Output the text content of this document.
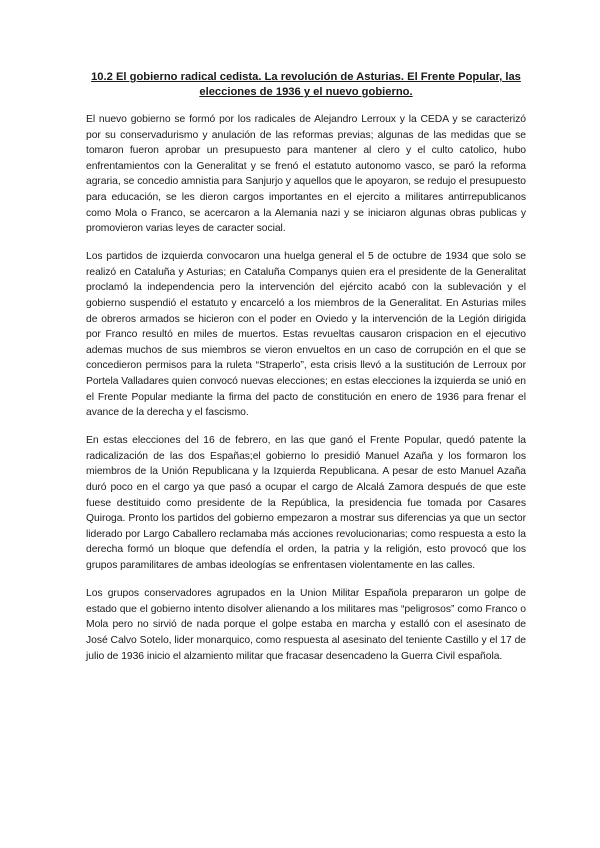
10.2 El gobierno radical cedista. La revolución de Asturias. El Frente Popular, las elecciones de 1936 y el nuevo gobierno.

El nuevo gobierno se formó por los radicales de Alejandro Lerroux y la CEDA y se caracterizó por su conservadurismo y anulación de las reformas previas; algunas de las medidas que se tomaron fueron aprobar un presupuesto para mantener al clero y el culto catolico, hubo enfrentamientos con la Generalitat y se frenó el estatuto autonomo vasco, se paró la reforma agraria, se concedio amnistia para Sanjurjo y aquellos que le apoyaron, se redujo el presupuesto para educación, se les dieron cargos importantes en el ejercito a militares antirrepublicanos como Mola o Franco, se acercaron a la Alemania nazi y se iniciaron algunas obras publicas y promovieron varias leyes de caracter social.

Los partidos de izquierda convocaron una huelga general el 5 de octubre de 1934 que solo se realizó en Cataluña y Asturias; en Cataluña Companys quien era el presidente de la Generalitat proclamó la independencia pero la intervención del ejército acabó con la sublevación y el gobierno suspendió el estatuto y encarceló a los miembros de la Generalitat. En Asturias miles de obreros armados se hicieron con el poder en Oviedo y la intervención de la Legión dirigida por Franco resultó en miles de muertos. Estas revueltas causaron crispacion en el ejecutivo ademas muchos de sus miembros se vieron envueltos en un caso de corrupción en el que se concedieron permisos para la ruleta “Straperlo”, esta crisis llevó a la sustitución de Lerroux por Portela Valladares quien convocó nuevas elecciones; en estas elecciones la izquierda se unió en el Frente Popular mediante la firma del pacto de constitución en enero de 1936 para frenar el avance de la derecha y el fascismo.

En estas elecciones del 16 de febrero, en las que ganó el Frente Popular, quedó patente la radicalización de las dos Españas;el gobierno lo presidió Manuel Azaña y los formaron los miembros de la Unión Republicana y la Izquierda Republicana. A pesar de esto Manuel Azaña duró poco en el cargo ya que pasó a ocupar el cargo de Alcalá Zamora después de que este fuese destituido como presidente de la República, la presidencia fue tomada por Casares Quiroga. Pronto los partidos del gobierno empezaron a mostrar sus diferencias ya que un sector liderado por Largo Caballero reclamaba más acciones revolucionarias; como respuesta a esto la derecha formó un bloque que defendía el orden, la patria y la religión, esto provocó que los grupos paramilitares de ambas ideologías se enfrentasen violentamente en las calles.

Los grupos conservadores agrupados en la Union Militar Española prepararon un golpe de estado que el gobierno intento disolver alienando a los militares mas “peligrosos” como Franco o Mola pero no sirvió de nada porque el golpe estaba en marcha y estalló con el asesinato de José Calvo Sotelo, lider monarquico, como respuesta al asesinato del teniente Castillo y el 17 de julio de 1936 inicio el alzamiento militar que fracasar desencadeno la Guerra Civil española.
